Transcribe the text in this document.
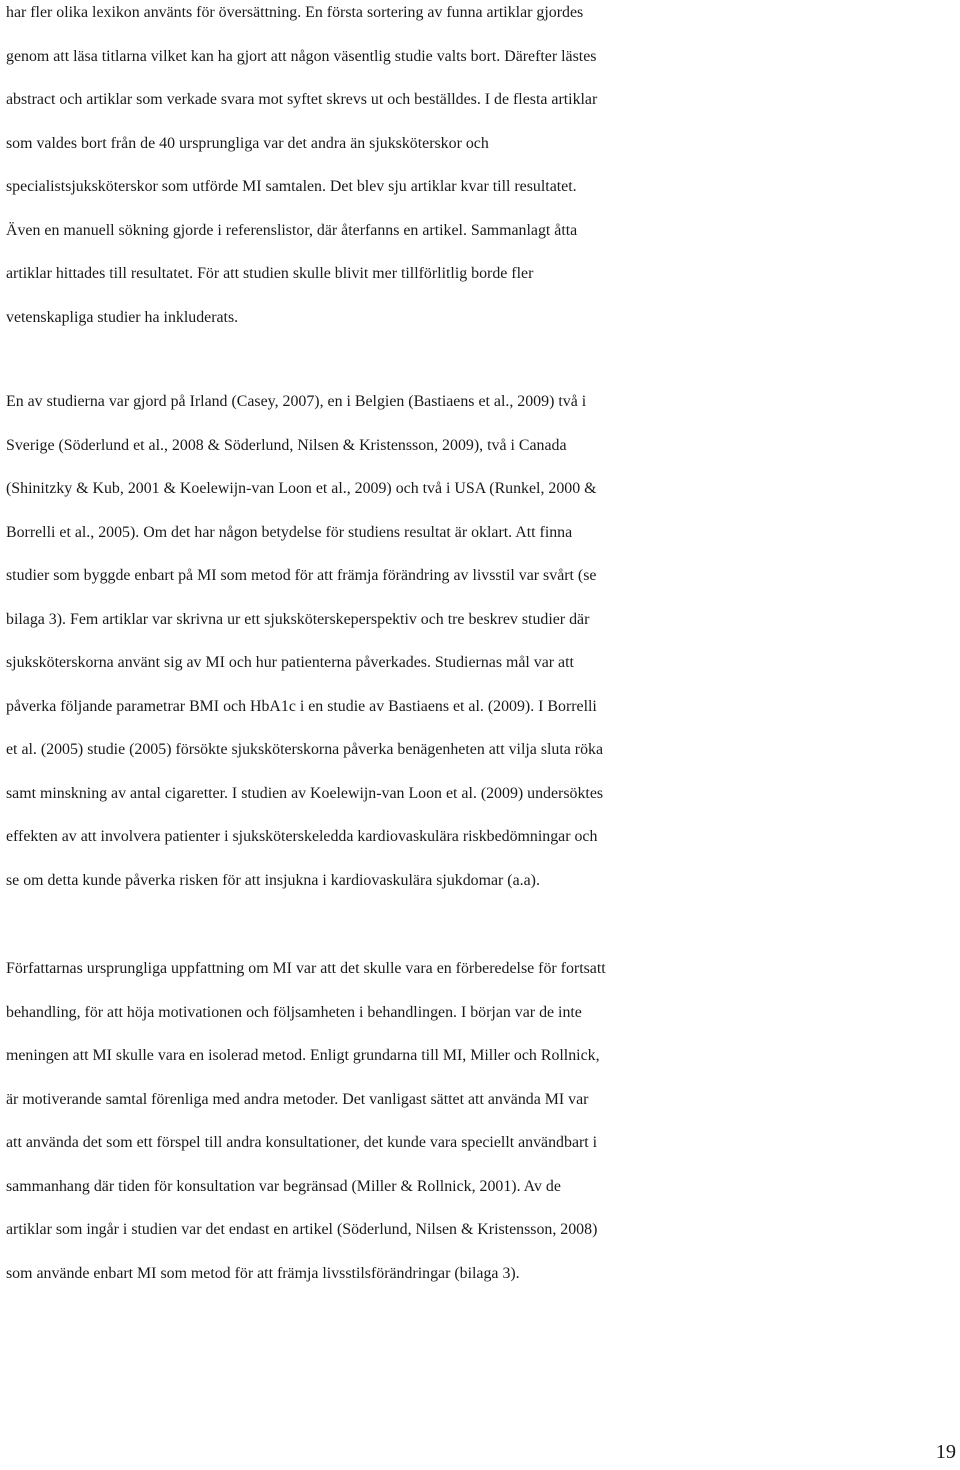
har fler olika lexikon använts för översättning. En första sortering av funna artiklar gjordes
genom att läsa titlarna vilket kan ha gjort att någon väsentlig studie valts bort. Därefter lästes
abstract och artiklar som verkade svara mot syftet skrevs ut och beställdes. I de flesta artiklar
som valdes bort från de 40 ursprungliga var det andra än sjuksköterskor och
specialistsjuksköterskor som utförde MI samtalen. Det blev sju artiklar kvar till resultatet.
Även en manuell sökning gjorde i referenslistor, där återfanns en artikel. Sammanlagt åtta
artiklar hittades till resultatet. För att studien skulle blivit mer tillförlitlig borde fler
vetenskapliga studier ha inkluderats.
En av studierna var gjord på Irland (Casey, 2007), en i Belgien (Bastiaens et al., 2009) två i
Sverige (Söderlund et al., 2008 & Söderlund, Nilsen & Kristensson, 2009), två i Canada
(Shinitzky & Kub, 2001 & Koelewijn-van Loon et al., 2009) och två i USA (Runkel, 2000 &
Borrelli et al., 2005). Om det har någon betydelse för studiens resultat är oklart. Att finna
studier som byggde enbart på MI som metod för att främja förändring av livsstil var svårt (se
bilaga 3). Fem artiklar var skrivna ur ett sjuksköterskeperspektiv och tre beskrev studier där
sjuksköterskorna använt sig av MI och hur patienterna påverkades. Studiernas mål var att
påverka följande parametrar BMI och HbA1c i en studie av Bastiaens et al. (2009). I Borrelli
et al. (2005) studie (2005) försökte sjuksköterskorna påverka benägenheten att vilja sluta röka
samt minskning av antal cigaretter. I studien av Koelewijn-van Loon et al. (2009) undersöktes
effekten av att involvera patienter i sjuksköterskeledda kardiovaskulära riskbedömningar och
se om detta kunde påverka risken för att insjukna i kardiovaskulära sjukdomar (a.a).
Författarnas ursprungliga uppfattning om MI var att det skulle vara en förberedelse för fortsatt
behandling, för att höja motivationen och följsamheten i behandlingen. I början var de inte
meningen att MI skulle vara en isolerad metod. Enligt grundarna till MI, Miller och Rollnick,
är motiverande samtal förenliga med andra metoder. Det vanligast sättet att använda MI var
att använda det som ett förspel till andra konsultationer, det kunde vara speciellt användbart i
sammanhang där tiden för konsultation var begränsad (Miller & Rollnick, 2001). Av de
artiklar som ingår i studien var det endast en artikel (Söderlund, Nilsen & Kristensson, 2008)
som använde enbart MI som metod för att främja livsstilsförändringar (bilaga 3).
19
